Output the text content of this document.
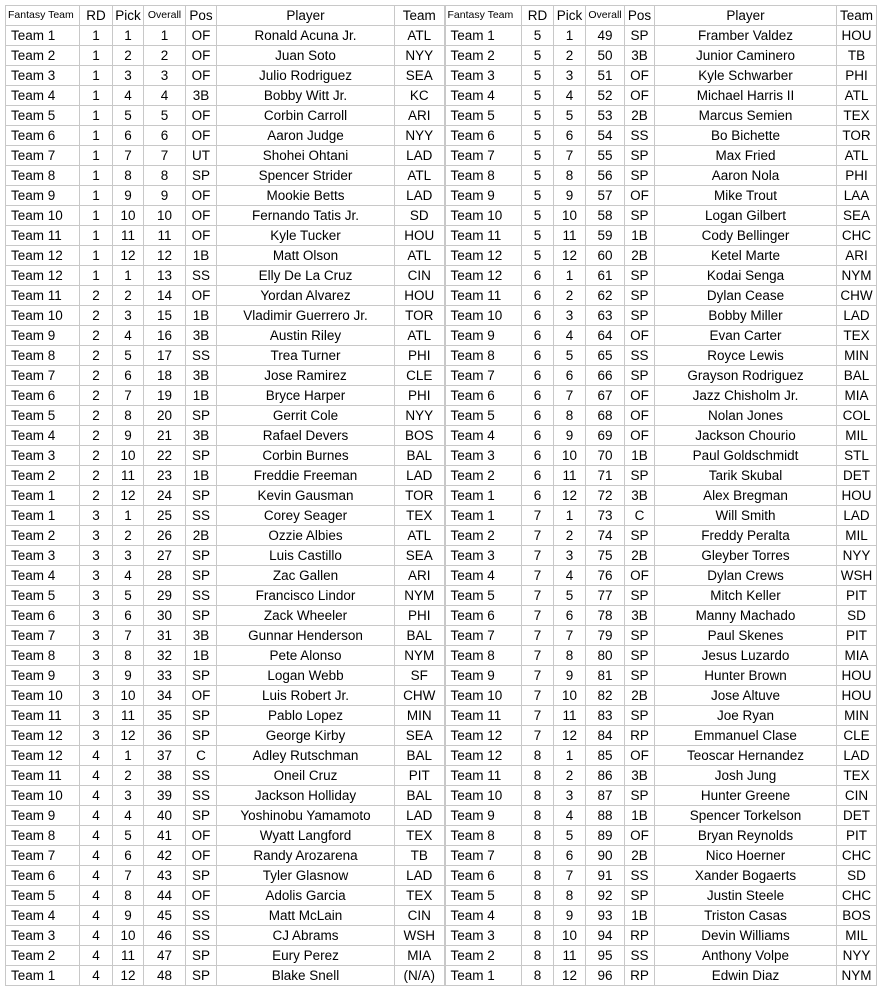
Fantasy Team	RD	Pick	Overall	Pos	Player	Team	Fantasy Team	RD	Pick	Overall	Pos	Player	Team
Team 1	1	1	1	OF	Ronald Acuna Jr.	ATL	Team 1	5	1	49	SP	Framber Valdez	HOU
Team 2	1	2	2	OF	Juan Soto	NYY	Team 2	5	2	50	3B	Junior Caminero	TB
Team 3	1	3	3	OF	Julio Rodriguez	SEA	Team 3	5	3	51	OF	Kyle Schwarber	PHI
Team 4	1	4	4	3B	Bobby Witt Jr.	KC	Team 4	5	4	52	OF	Michael Harris II	ATL
Team 5	1	5	5	OF	Corbin Carroll	ARI	Team 5	5	5	53	2B	Marcus Semien	TEX
Team 6	1	6	6	OF	Aaron Judge	NYY	Team 6	5	6	54	SS	Bo Bichette	TOR
Team 7	1	7	7	UT	Shohei Ohtani	LAD	Team 7	5	7	55	SP	Max Fried	ATL
Team 8	1	8	8	SP	Spencer Strider	ATL	Team 8	5	8	56	SP	Aaron Nola	PHI
Team 9	1	9	9	OF	Mookie Betts	LAD	Team 9	5	9	57	OF	Mike Trout	LAA
Team 10	1	10	10	OF	Fernando Tatis Jr.	SD	Team 10	5	10	58	SP	Logan Gilbert	SEA
Team 11	1	11	11	OF	Kyle Tucker	HOU	Team 11	5	11	59	1B	Cody Bellinger	CHC
Team 12	1	12	12	1B	Matt Olson	ATL	Team 12	5	12	60	2B	Ketel Marte	ARI
Team 12	1	1	13	SS	Elly De La Cruz	CIN	Team 12	6	1	61	SP	Kodai Senga	NYM
Team 11	2	2	14	OF	Yordan Alvarez	HOU	Team 11	6	2	62	SP	Dylan Cease	CHW
Team 10	2	3	15	1B	Vladimir Guerrero Jr.	TOR	Team 10	6	3	63	SP	Bobby Miller	LAD
Team 9	2	4	16	3B	Austin Riley	ATL	Team 9	6	4	64	OF	Evan Carter	TEX
Team 8	2	5	17	SS	Trea Turner	PHI	Team 8	6	5	65	SS	Royce Lewis	MIN
Team 7	2	6	18	3B	Jose Ramirez	CLE	Team 7	6	6	66	SP	Grayson Rodriguez	BAL
Team 6	2	7	19	1B	Bryce Harper	PHI	Team 6	6	7	67	OF	Jazz Chisholm Jr.	MIA
Team 5	2	8	20	SP	Gerrit Cole	NYY	Team 5	6	8	68	OF	Nolan Jones	COL
Team 4	2	9	21	3B	Rafael Devers	BOS	Team 4	6	9	69	OF	Jackson Chourio	MIL
Team 3	2	10	22	SP	Corbin Burnes	BAL	Team 3	6	10	70	1B	Paul Goldschmidt	STL
Team 2	2	11	23	1B	Freddie Freeman	LAD	Team 2	6	11	71	SP	Tarik Skubal	DET
Team 1	2	12	24	SP	Kevin Gausman	TOR	Team 1	6	12	72	3B	Alex Bregman	HOU
Team 1	3	1	25	SS	Corey Seager	TEX	Team 1	7	1	73	C	Will Smith	LAD
Team 2	3	2	26	2B	Ozzie Albies	ATL	Team 2	7	2	74	SP	Freddy Peralta	MIL
Team 3	3	3	27	SP	Luis Castillo	SEA	Team 3	7	3	75	2B	Gleyber Torres	NYY
Team 4	3	4	28	SP	Zac Gallen	ARI	Team 4	7	4	76	OF	Dylan Crews	WSH
Team 5	3	5	29	SS	Francisco Lindor	NYM	Team 5	7	5	77	SP	Mitch Keller	PIT
Team 6	3	6	30	SP	Zack Wheeler	PHI	Team 6	7	6	78	3B	Manny Machado	SD
Team 7	3	7	31	3B	Gunnar Henderson	BAL	Team 7	7	7	79	SP	Paul Skenes	PIT
Team 8	3	8	32	1B	Pete Alonso	NYM	Team 8	7	8	80	SP	Jesus Luzardo	MIA
Team 9	3	9	33	SP	Logan Webb	SF	Team 9	7	9	81	SP	Hunter Brown	HOU
Team 10	3	10	34	OF	Luis Robert Jr.	CHW	Team 10	7	10	82	2B	Jose Altuve	HOU
Team 11	3	11	35	SP	Pablo Lopez	MIN	Team 11	7	11	83	SP	Joe Ryan	MIN
Team 12	3	12	36	SP	George Kirby	SEA	Team 12	7	12	84	RP	Emmanuel Clase	CLE
Team 12	4	1	37	C	Adley Rutschman	BAL	Team 12	8	1	85	OF	Teoscar Hernandez	LAD
Team 11	4	2	38	SS	Oneil Cruz	PIT	Team 11	8	2	86	3B	Josh Jung	TEX
Team 10	4	3	39	SS	Jackson Holliday	BAL	Team 10	8	3	87	SP	Hunter Greene	CIN
Team 9	4	4	40	SP	Yoshinobu Yamamoto	LAD	Team 9	8	4	88	1B	Spencer Torkelson	DET
Team 8	4	5	41	OF	Wyatt Langford	TEX	Team 8	8	5	89	OF	Bryan Reynolds	PIT
Team 7	4	6	42	OF	Randy Arozarena	TB	Team 7	8	6	90	2B	Nico Hoerner	CHC
Team 6	4	7	43	SP	Tyler Glasnow	LAD	Team 6	8	7	91	SS	Xander Bogaerts	SD
Team 5	4	8	44	OF	Adolis Garcia	TEX	Team 5	8	8	92	SP	Justin Steele	CHC
Team 4	4	9	45	SS	Matt McLain	CIN	Team 4	8	9	93	1B	Triston Casas	BOS
Team 3	4	10	46	SS	CJ Abrams	WSH	Team 3	8	10	94	RP	Devin Williams	MIL
Team 2	4	11	47	SP	Eury Perez	MIA	Team 2	8	11	95	SS	Anthony Volpe	NYY
Team 1	4	12	48	SP	Blake Snell	(N/A)	Team 1	8	12	96	RP	Edwin Diaz	NYM
